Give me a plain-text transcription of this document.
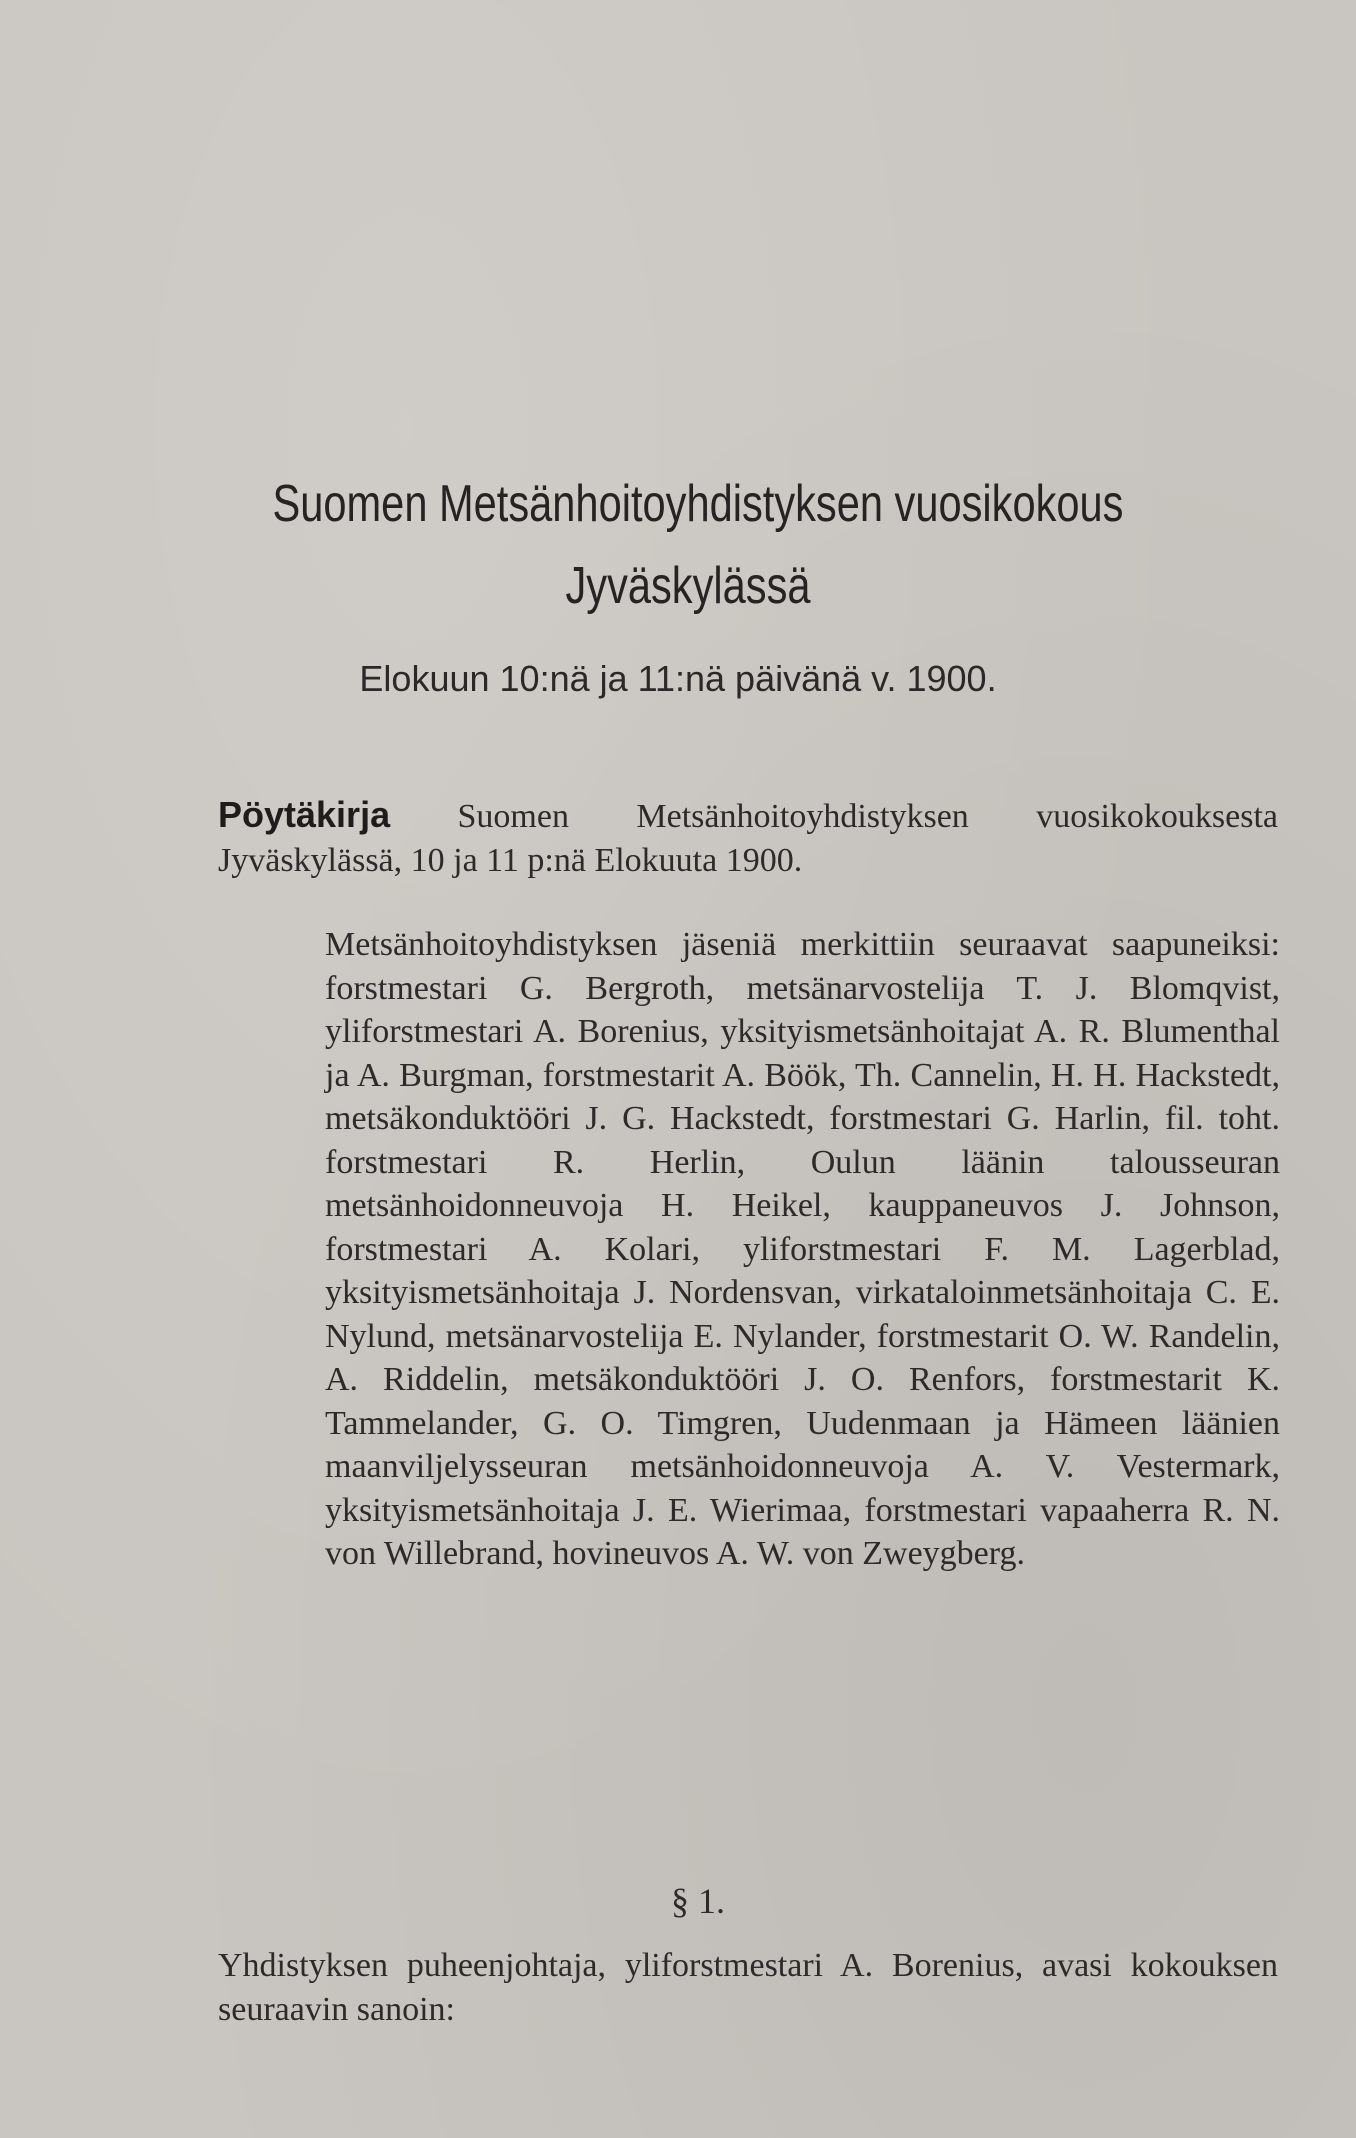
Suomen Metsänhoitoyhdistyksen vuosikokous
Jyväskylässä
Elokuun 10:nä ja 11:nä päivänä v. 1900.
Pöytäkirja Suomen Metsänhoitoyhdistyksen vuosikokouksesta Jyväskylässä, 10 ja 11 p:nä Elokuuta 1900.
Metsänhoitoyhdistyksen jäseniä merkittiin seuraavat saapuneiksi: forstmestari G. Bergroth, metsänarvostelija T. J. Blomqvist, yliforstmestari A. Borenius, yksityismetsänhoitajat A. R. Blumenthal ja A. Burgman, forstmestarit A. Böök, Th. Cannelin, H. H. Hackstedt, metsäkonduktööri J. G. Hackstedt, forstmestari G. Harlin, fil. toht. forstmestari R. Herlin, Oulun läänin talousseuran metsänhoidonneuvoja H. Heikel, kauppaneuvos J. Johnson, forstmestari A. Kolari, yliforstmestari F. M. Lagerblad, yksityismetsänhoitaja J. Nordensvan, virkataloinmetsänhoitaja C. E. Nylund, metsänarvostelija E. Nylander, forstmestarit O. W. Randelin, A. Riddelin, metsäkonduktööri J. O. Renfors, forstmestarit K. Tammelander, G. O. Timgren, Uudenmaan ja Hämeen läänien maanviljelysseuran metsänhoidonneuvoja A. V. Vestermark, yksityismetsänhoitaja J. E. Wierimaa, forstmestari vapaaherra R. N. von Willebrand, hovineuvos A. W. von Zweygberg.
§ 1.
Yhdistyksen puheenjohtaja, yliforstmestari A. Borenius, avasi kokouksen seuraavin sanoin:
